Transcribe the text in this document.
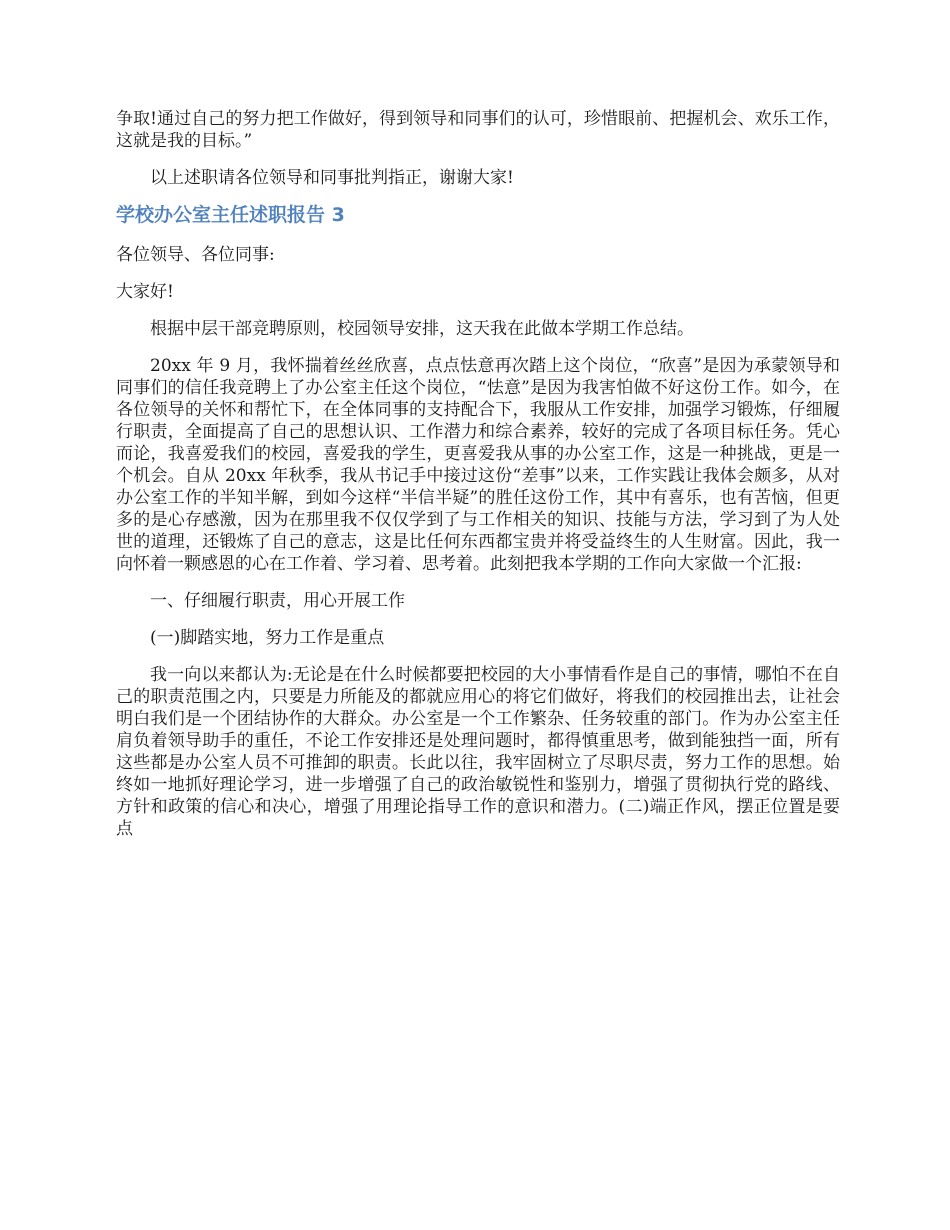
争取!通过自己的努力把工作做好，得到领导和同事们的认可，珍惜眼前、把握机会、欢乐工作，这就是我的目标。”

以上述职请各位领导和同事批判指正，谢谢大家!

学校办公室主任述职报告 3

各位领导、各位同事:

大家好!

根据中层干部竞聘原则，校园领导安排，这天我在此做本学期工作总结。

20xx 年 9 月，我怀揣着丝丝欣喜，点点怯意再次踏上这个岗位，“欣喜”是因为承蒙领导和同事们的信任我竞聘上了办公室主任这个岗位，“怯意”是因为我害怕做不好这份工作。如今，在各位领导的关怀和帮忙下，在全体同事的支持配合下，我服从工作安排，加强学习锻炼，仔细履行职责，全面提高了自己的思想认识、工作潜力和综合素养，较好的完成了各项目标任务。凭心而论，我喜爱我们的校园，喜爱我的学生，更喜爱我从事的办公室工作，这是一种挑战，更是一个机会。自从 20xx 年秋季，我从书记手中接过这份“差事”以来，工作实践让我体会颇多，从对办公室工作的半知半解，到如今这样“半信半疑”的胜任这份工作，其中有喜乐，也有苦恼，但更多的是心存感激，因为在那里我不仅仅学到了与工作相关的知识、技能与方法，学习到了为人处世的道理，还锻炼了自己的意志，这是比任何东西都宝贵并将受益终生的人生财富。因此，我一向怀着一颗感恩的心在工作着、学习着、思考着。此刻把我本学期的工作向大家做一个汇报:

一、仔细履行职责，用心开展工作

(一)脚踏实地，努力工作是重点

我一向以来都认为:无论是在什么时候都要把校园的大小事情看作是自己的事情，哪怕不在自己的职责范围之内，只要是力所能及的都就应用心的将它们做好，将我们的校园推出去，让社会明白我们是一个团结协作的大群众。办公室是一个工作繁杂、任务较重的部门。作为办公室主任肩负着领导助手的重任，不论工作安排还是处理问题时，都得慎重思考，做到能独挡一面，所有这些都是办公室人员不可推卸的职责。长此以往，我牢固树立了尽职尽责，努力工作的思想。始终如一地抓好理论学习，进一步增强了自己的政治敏锐性和鉴别力，增强了贯彻执行党的路线、方针和政策的信心和决心，增强了用理论指导工作的意识和潜力。(二)端正作风，摆正位置是要点
